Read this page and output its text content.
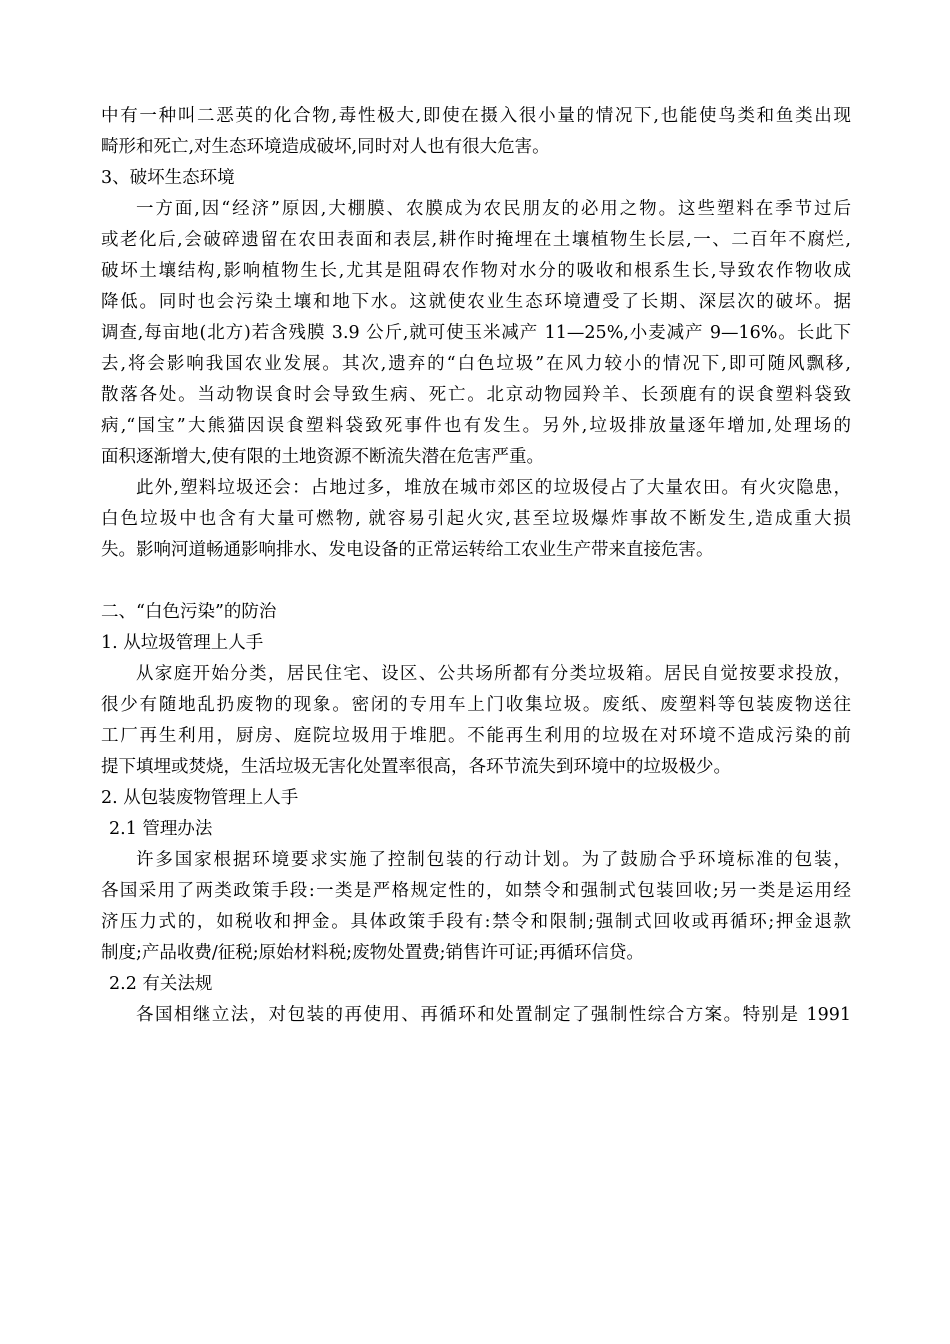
中有一种叫二恶英的化合物,毒性极大,即使在摄入很小量的情况下,也能使鸟类和鱼类出现
畸形和死亡,对生态环境造成破坏,同时对人也有很大危害。
3、破坏生态环境
一方面,因“经济”原因,大棚膜、农膜成为农民朋友的必用之物。这些塑料在季节过后
或老化后,会破碎遗留在农田表面和表层,耕作时掩埋在土壤植物生长层,一、二百年不腐烂,
破坏土壤结构,影响植物生长,尤其是阻碍农作物对水分的吸收和根系生长,导致农作物收成
降低。同时也会污染土壤和地下水。这就使农业生态环境遭受了长期、深层次的破坏。据
调查,每亩地(北方)若含残膜 3.9 公斤,就可使玉米减产 11—25%,小麦减产 9—16%。长此下
去,将会影响我国农业发展。其次,遗弃的“白色垃圾”在风力较小的情况下,即可随风飘移,
散落各处。当动物误食时会导致生病、死亡。北京动物园羚羊、长颈鹿有的误食塑料袋致
病,“国宝”大熊猫因误食塑料袋致死事件也有发生。另外,垃圾排放量逐年增加,处理场的
面积逐渐增大,使有限的土地资源不断流失潜在危害严重。
此外,塑料垃圾还会：占地过多，堆放在城市郊区的垃圾侵占了大量农田。有火灾隐患，
白色垃圾中也含有大量可燃物, 就容易引起火灾,甚至垃圾爆炸事故不断发生,造成重大损
失。影响河道畅通影响排水、发电设备的正常运转给工农业生产带来直接危害。
二、“白色污染”的防治
1. 从垃圾管理上人手
从家庭开始分类，居民住宅、设区、公共场所都有分类垃圾箱。居民自觉按要求投放，
很少有随地乱扔废物的现象。密闭的专用车上门收集垃圾。废纸、废塑料等包装废物送往
工厂再生利用，厨房、庭院垃圾用于堆肥。不能再生利用的垃圾在对环境不造成污染的前
提下填埋或焚烧，生活垃圾无害化处置率很高，各环节流失到环境中的垃圾极少。
2. 从包装废物管理上人手
2.1 管理办法
许多国家根据环境要求实施了控制包装的行动计划。为了鼓励合乎环境标准的包装，
各国采用了两类政策手段:一类是严格规定性的，如禁令和强制式包装回收;另一类是运用经
济压力式的，如税收和押金。具体政策手段有:禁令和限制;强制式回收或再循环;押金退款
制度;产品收费/征税;原始材料税;废物处置费;销售许可证;再循环信贷。
2.2 有关法规
各国相继立法，对包装的再使用、再循环和处置制定了强制性综合方案。特别是 1991
